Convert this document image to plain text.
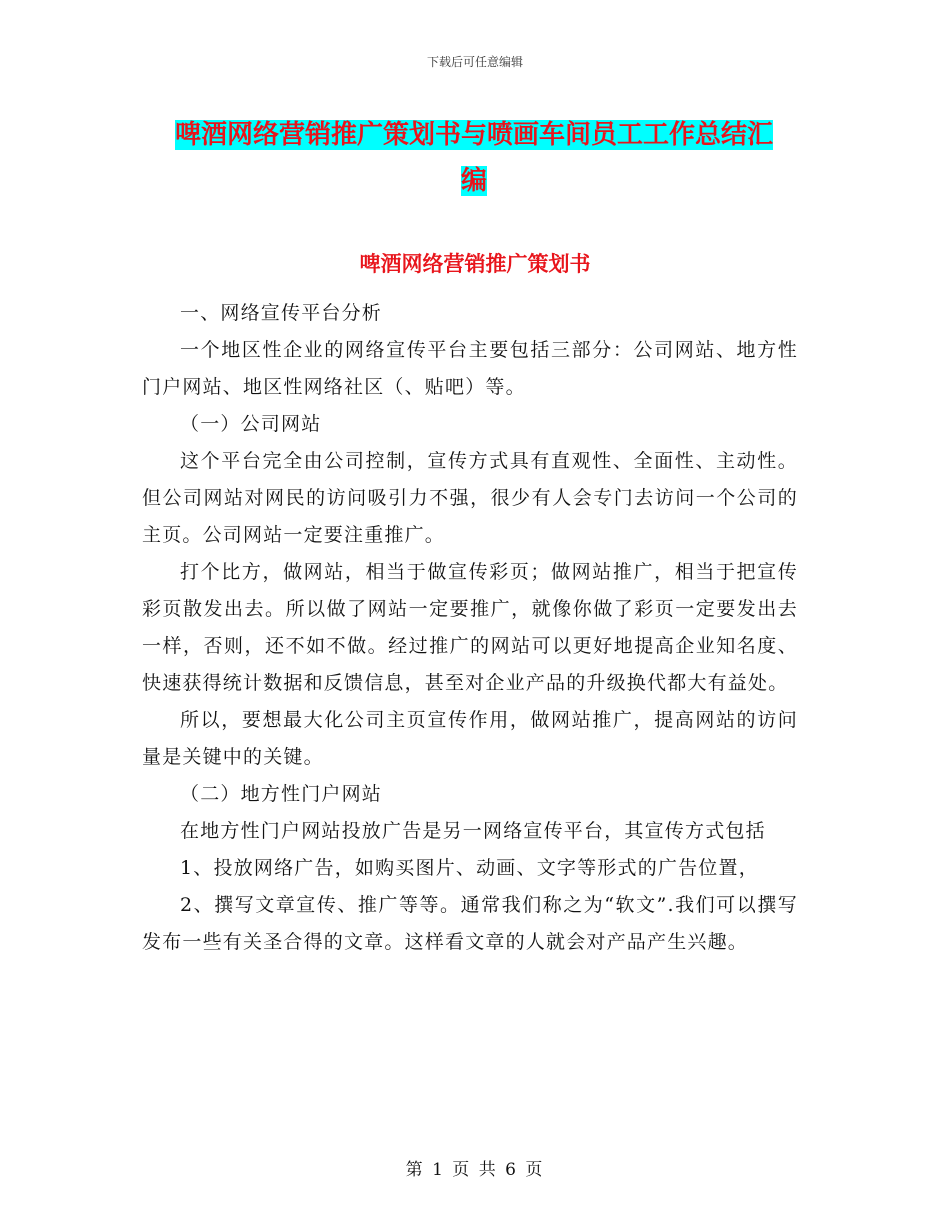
下载后可任意编辑
啤酒网络营销推广策划书与喷画车间员工工作总结汇
编
啤酒网络营销推广策划书

一、网络宣传平台分析

一个地区性企业的网络宣传平台主要包括三部分：公司网站、地方性门户网站、地区性网络社区（、贴吧）等。

（一）公司网站

这个平台完全由公司控制，宣传方式具有直观性、全面性、主动性。但公司网站对网民的访问吸引力不强，很少有人会专门去访问一个公司的主页。公司网站一定要注重推广。

打个比方，做网站，相当于做宣传彩页；做网站推广，相当于把宣传彩页散发出去。所以做了网站一定要推广，就像你做了彩页一定要发出去一样，否则，还不如不做。经过推广的网站可以更好地提高企业知名度、快速获得统计数据和反馈信息，甚至对企业产品的升级换代都大有益处。

所以，要想最大化公司主页宣传作用，做网站推广，提高网站的访问量是关键中的关键。

（二）地方性门户网站

在地方性门户网站投放广告是另一网络宣传平台，其宣传方式包括

1、投放网络广告，如购买图片、动画、文字等形式的广告位置，

2、撰写文章宣传、推广等等。通常我们称之为“软文”.我们可以撰写发布一些有关圣合得的文章。这样看文章的人就会对产品产生兴趣。

第 1 页 共 6 页
